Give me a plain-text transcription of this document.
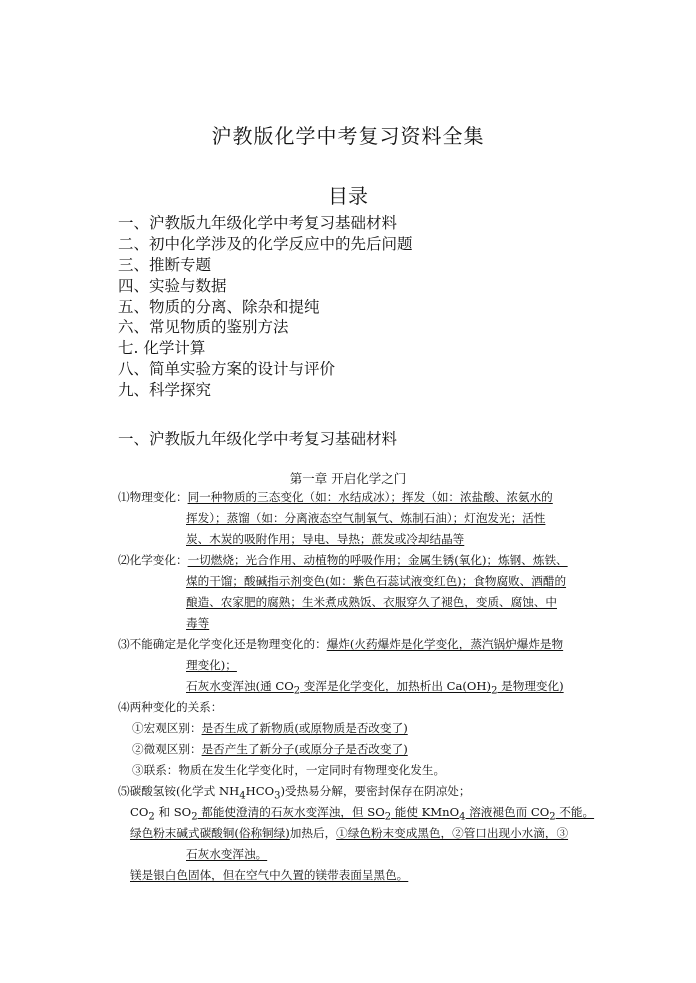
沪教版化学中考复习资料全集
目录
一、沪教版九年级化学中考复习基础材料
二、初中化学涉及的化学反应中的先后问题
三、推断专题
四、实验与数据
五、物质的分离、除杂和提纯
六、常见物质的鉴别方法
七. 化学计算
八、简单实验方案的设计与评价
九、科学探究
一、沪教版九年级化学中考复习基础材料
第一章 开启化学之门
⑴物理变化：同一种物质的三态变化（如：水结成冰）；挥发（如：浓盐酸、浓氨水的
挥发）；蒸馏（如：分离液态空气制氧气、炼制石油）；灯泡发光；活性
炭、木炭的吸附作用；导电、导热；蔗发或冷却结晶等
⑵化学变化：一切燃烧；光合作用、动植物的呼吸作用；金属生锈(氧化)；炼钢、炼铁、
煤的干馏；酸碱指示剂变色(如：紫色石蕊试液变红色)；食物腐败、酒醋的
酿造、农家肥的腐熟；生米煮成熟饭、衣服穿久了褪色，变质、腐蚀、中
毒等
⑶不能确定是化学变化还是物理变化的：爆炸(火药爆炸是化学变化，蒸汽锅炉爆炸是物
理变化)；
石灰水变浑浊(通 $CO_2$ 变浑是化学变化，加热析出 $Ca(OH)_2$ 是物理变化)
⑷两种变化的关系：
①宏观区别：是否生成了新物质(或原物质是否改变了)
②微观区别：是否产生了新分子(或原分子是否改变了)
③联系：物质在发生化学变化时，一定同时有物理变化发生。
⑸碳酸氢铵(化学式 $NH_4HCO_3$)受热易分解，要密封保存在阴凉处；
$CO_2$ 和 $SO_2$ 都能使澄清的石灰水变浑浊，但 $SO_2$ 能使 KMnO$_4$ 溶液褪色而 $CO_2$ 不能。
绿色粉末碱式碳酸铜(俗称铜绿)加热后，①绿色粉末变成黑色，②管口出现小水滴，③
石灰水变浑浊。
镁是银白色固体，但在空气中久置的镁带表面呈黑色。
